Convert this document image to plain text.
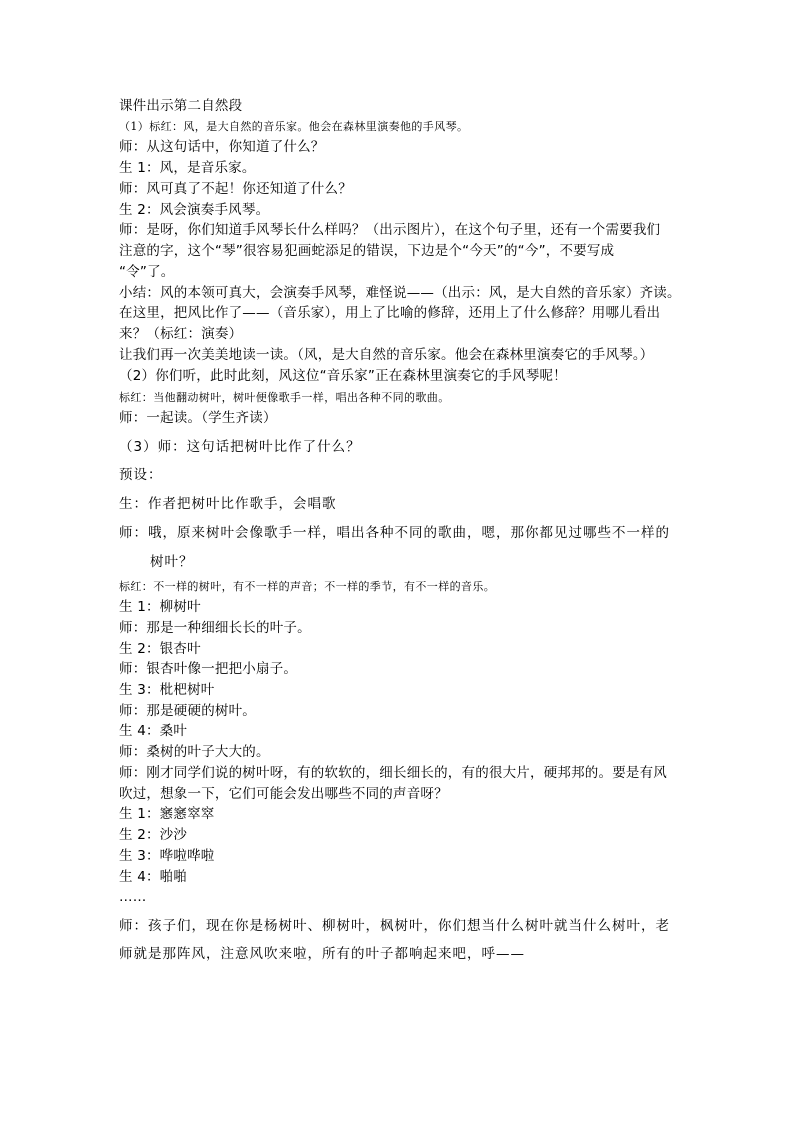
课件出示第二自然段
（1）标红：风，是大自然的音乐家。他会在森林里演奏他的手风琴。
师：从这句话中，你知道了什么？
生 1：风，是音乐家。
师：风可真了不起！你还知道了什么？
生 2：风会演奏手风琴。
师：是呀，你们知道手风琴长什么样吗？（出示图片），在这个句子里，还有一个需要我们
注意的字，这个“琴”很容易犯画蛇添足的错误，下边是个“今天”的“今”，不要写成
“令”了。
小结：风的本领可真大，会演奏手风琴，难怪说——（出示：风，是大自然的音乐家）齐读。
在这里，把风比作了——（音乐家），用上了比喻的修辞，还用上了什么修辞？用哪儿看出
来？（标红：演奏）
让我们再一次美美地读一读。（风，是大自然的音乐家。他会在森林里演奏它的手风琴。）
（2）你们听，此时此刻，风这位“音乐家”正在森林里演奏它的手风琴呢！
标红：当他翻动树叶，树叶便像歌手一样，唱出各种不同的歌曲。
师：一起读。（学生齐读）
（3）师：这句话把树叶比作了什么？
预设：
生：作者把树叶比作歌手，会唱歌
师：哦，原来树叶会像歌手一样，唱出各种不同的歌曲，嗯，那你都见过哪些不一样的
树叶？
标红：不一样的树叶，有不一样的声音；不一样的季节，有不一样的音乐。
生 1：柳树叶
师：那是一种细细长长的叶子。
生 2：银杏叶
师：银杏叶像一把把小扇子。
生 3：枇杷树叶
师：那是硬硬的树叶。
生 4：桑叶
师：桑树的叶子大大的。
师：刚才同学们说的树叶呀，有的软软的，细长细长的，有的很大片，硬邦邦的。要是有风
吹过，想象一下，它们可能会发出哪些不同的声音呀？
生 1：窸窸窣窣
生 2：沙沙
生 3：哗啦哗啦
生 4：啪啪
……
师：孩子们，现在你是杨树叶、柳树叶，枫树叶，你们想当什么树叶就当什么树叶，老
师就是那阵风，注意风吹来啦，所有的叶子都响起来吧，呼——
